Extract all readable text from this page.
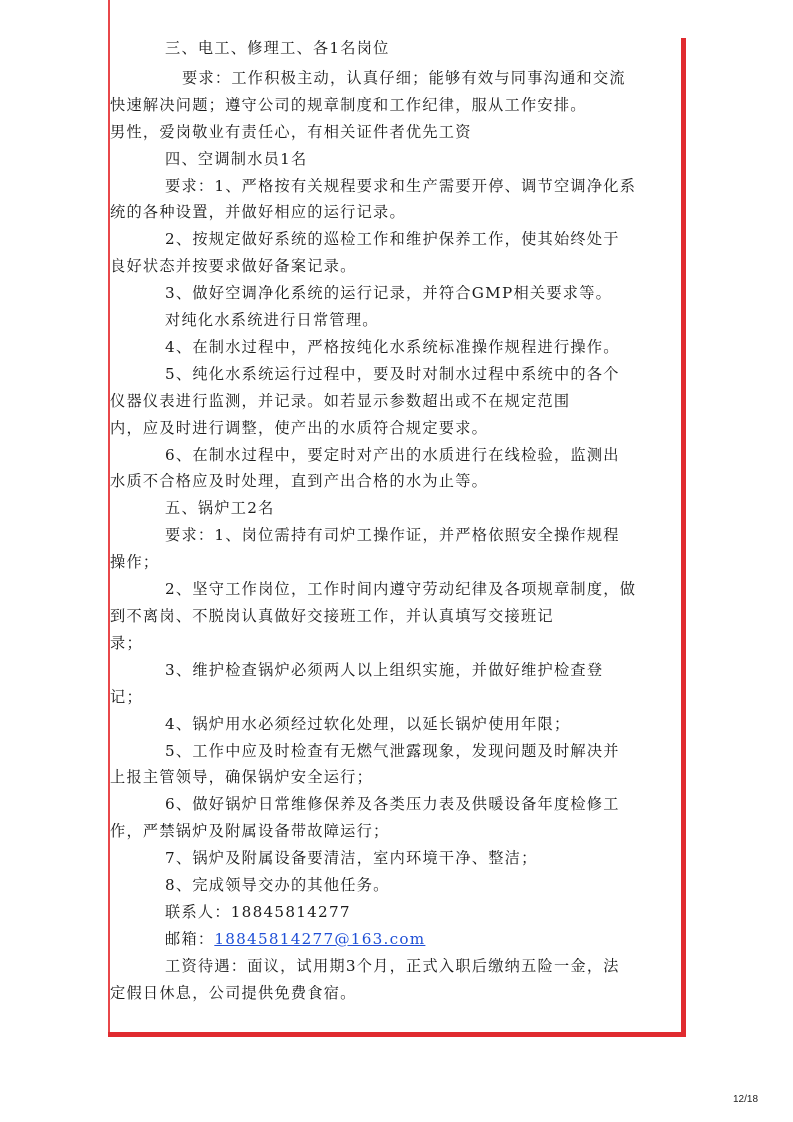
三、电工、修理工、各1名岗位
要求：工作积极主动，认真仔细；能够有效与同事沟通和交流
快速解决问题；遵守公司的规章制度和工作纪律，服从工作安排。
男性，爱岗敬业有责任心，有相关证件者优先工资
四、空调制水员1名
要求：1、严格按有关规程要求和生产需要开停、调节空调净化系
统的各种设置，并做好相应的运行记录。
2、按规定做好系统的巡检工作和维护保养工作，使其始终处于
良好状态并按要求做好备案记录。
3、做好空调净化系统的运行记录，并符合GMP相关要求等。
对纯化水系统进行日常管理。
4、在制水过程中，严格按纯化水系统标准操作规程进行操作。
5、纯化水系统运行过程中，要及时对制水过程中系统中的各个
仪器仪表进行监测，并记录。如若显示参数超出或不在规定范围
内，应及时进行调整，使产出的水质符合规定要求。
6、在制水过程中，要定时对产出的水质进行在线检验，监测出
水质不合格应及时处理，直到产出合格的水为止等。
五、锅炉工2名
要求：1、岗位需持有司炉工操作证，并严格依照安全操作规程
操作；
2、坚守工作岗位，工作时间内遵守劳动纪律及各项规章制度，做
到不离岗、不脱岗认真做好交接班工作，并认真填写交接班记
录；
3、维护检查锅炉必须两人以上组织实施，并做好维护检查登
记；
4、锅炉用水必须经过软化处理，以延长锅炉使用年限；
5、工作中应及时检查有无燃气泄露现象，发现问题及时解决并
上报主管领导，确保锅炉安全运行；
6、做好锅炉日常维修保养及各类压力表及供暖设备年度检修工
作，严禁锅炉及附属设备带故障运行；
7、锅炉及附属设备要清洁，室内环境干净、整洁；
8、完成领导交办的其他任务。
联系人：18845814277
邮箱：18845814277@163.com
工资待遇：面议，试用期3个月，正式入职后缴纳五险一金，法
定假日休息，公司提供免费食宿。
12/18
